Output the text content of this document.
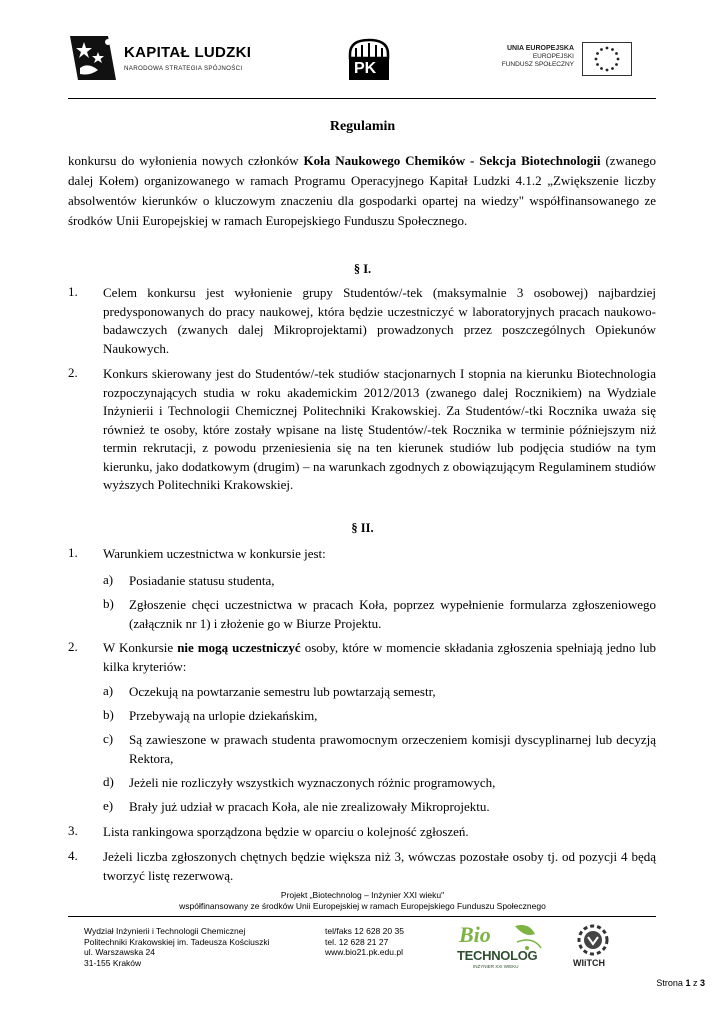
KAPITAŁ LUDZKI
NARODOWA STRATEGIA SPÓJNOŚCI	PK
UNIA EUROPEJSKA
EUROPEJSKI
FUNDUSZ SPOŁECZNY
Regulamin
konkursu do wyłonienia nowych członków Koła Naukowego Chemików - Sekcja Biotechnologii (zwanego dalej Kołem) organizowanego w ramach Programu Operacyjnego Kapitał Ludzki 4.1.2 „Zwiększenie liczby absolwentów kierunków o kluczowym znaczeniu dla gospodarki opartej na wiedzy" współfinansowanego ze środków Unii Europejskiej w ramach Europejskiego Funduszu Społecznego.
§ I.
1.	Celem konkursu jest wyłonienie grupy Studentów/-tek (maksymalnie 3 osobowej) najbardziej predysponowanych do pracy naukowej, która będzie uczestniczyć w laboratoryjnych pracach naukowo-badawczych (zwanych dalej Mikroprojektami) prowadzonych przez poszczególnych Opiekunów Naukowych.
2.	Konkurs skierowany jest do Studentów/-tek studiów stacjonarnych I stopnia na kierunku Biotechnologia rozpoczynających studia w roku akademickim 2012/2013 (zwanego dalej Rocznikiem) na Wydziale Inżynierii i Technologii Chemicznej Politechniki Krakowskiej. Za Studentów/-tki Rocznika uważa się również te osoby, które zostały wpisane na listę Studentów/-tek Rocznika w terminie późniejszym niż termin rekrutacji, z powodu przeniesienia się na ten kierunek studiów lub podjęcia studiów na tym kierunku, jako dodatkowym (drugim) – na warunkach zgodnych z obowiązującym Regulaminem studiów wyższych Politechniki Krakowskiej.
§ II.
1.	Warunkiem uczestnictwa w konkursie jest:
a)	Posiadanie statusu studenta,
b)	Zgłoszenie chęci uczestnictwa w pracach Koła, poprzez wypełnienie formularza zgłoszeniowego (załącznik nr 1) i złożenie go w Biurze Projektu.
2.	W Konkursie nie mogą uczestniczyć osoby, które w momencie składania zgłoszenia spełniają jedno lub kilka kryteriów:
a)	Oczekują na powtarzanie semestru lub powtarzają semestr,
b)	Przebywają na urlopie dziekańskim,
c)	Są zawieszone w prawach studenta prawomocnym orzeczeniem komisji dyscyplinarnej lub decyzją Rektora,
d)	Jeżeli nie rozliczyły wszystkich wyznaczonych różnic programowych,
e)	Brały już udział w pracach Koła, ale nie zrealizowały Mikroprojektu.
3.	Lista rankingowa sporządzona będzie w oparciu o kolejność zgłoszeń.
4.	Jeżeli liczba zgłoszonych chętnych będzie większa niż 3, wówczas pozostałe osoby tj. od pozycji 4 będą tworzyć listę rezerwową.
Projekt „Biotechnolog – Inżynier XXI wieku"
współfinansowany ze środków Unii Europejskiej w ramach Europejskiego Funduszu Społecznego
Wydział Inżynierii i Technologii Chemicznej
Politechniki Krakowskiej im. Tadeusza Kościuszki
ul. Warszawska 24
31-155 Kraków
tel/faks 12 628 20 35
tel. 12 628 21 27
www.bio21.pk.edu.pl
Bio
TECHNOLOG
INŻYNIER XXI WIEKU	WIiTCH
Strona 1 z 3
